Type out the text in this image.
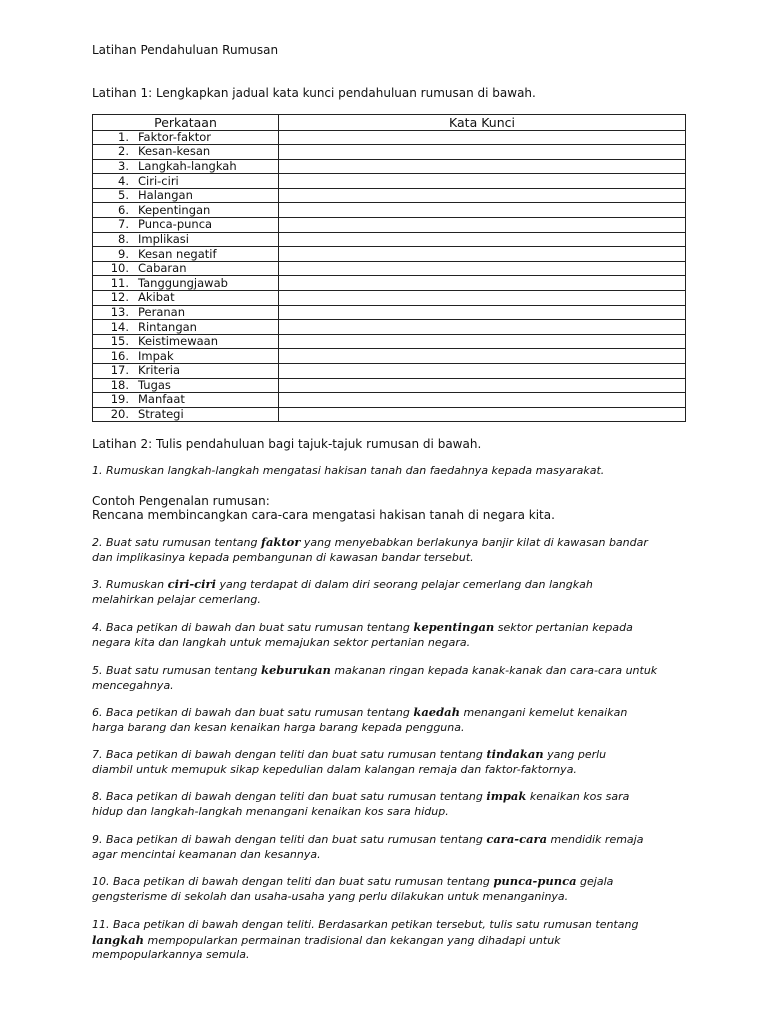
Latihan Pendahuluan Rumusan
Latihan 1: Lengkapkan jadual kata kunci pendahuluan rumusan di bawah.
Perkataan	Kata Kunci
1. Faktor-faktor	
2. Kesan-kesan	
3. Langkah-langkah	
4. Ciri-ciri	
5. Halangan	
6. Kepentingan	
7. Punca-punca	
8. Implikasi	
9. Kesan negatif	
10. Cabaran	
11. Tanggungjawab	
12. Akibat	
13. Peranan	
14. Rintangan	
15. Keistimewaan	
16. Impak	
17. Kriteria	
18. Tugas	
19. Manfaat	
20. Strategi	
Latihan 2: Tulis pendahuluan bagi tajuk-tajuk rumusan di bawah.
1. Rumuskan langkah-langkah mengatasi hakisan tanah dan faedahnya kepada masyarakat.
Contoh Pengenalan rumusan:
Rencana membincangkan cara-cara mengatasi hakisan tanah di negara kita.
2. Buat satu rumusan tentang faktor yang menyebabkan berlakunya banjir kilat di kawasan bandar
dan implikasinya kepada pembangunan di kawasan bandar tersebut.
3. Rumuskan ciri-ciri yang terdapat di dalam diri seorang pelajar cemerlang dan langkah
melahirkan pelajar cemerlang.
4. Baca petikan di bawah dan buat satu rumusan tentang kepentingan sektor pertanian kepada
negara kita dan langkah untuk memajukan sektor pertanian negara.
5. Buat satu rumusan tentang keburukan makanan ringan kepada kanak-kanak dan cara-cara untuk
mencegahnya.
6. Baca petikan di bawah dan buat satu rumusan tentang kaedah menangani kemelut kenaikan
harga barang dan kesan kenaikan harga barang kepada pengguna.
7. Baca petikan di bawah dengan teliti dan buat satu rumusan tentang tindakan yang perlu
diambil untuk memupuk sikap kepedulian dalam kalangan remaja dan faktor-faktornya.
8. Baca petikan di bawah dengan teliti dan buat satu rumusan tentang impak kenaikan kos sara
hidup dan langkah-langkah menangani kenaikan kos sara hidup.
9. Baca petikan di bawah dengan teliti dan buat satu rumusan tentang cara-cara mendidik remaja
agar mencintai keamanan dan kesannya.
10. Baca petikan di bawah dengan teliti dan buat satu rumusan tentang punca-punca gejala
gengsterisme di sekolah dan usaha-usaha yang perlu dilakukan untuk menanganinya.
11. Baca petikan di bawah dengan teliti. Berdasarkan petikan tersebut, tulis satu rumusan tentang
langkah mempopularkan permainan tradisional dan kekangan yang dihadapi untuk
mempopularkannya semula.
